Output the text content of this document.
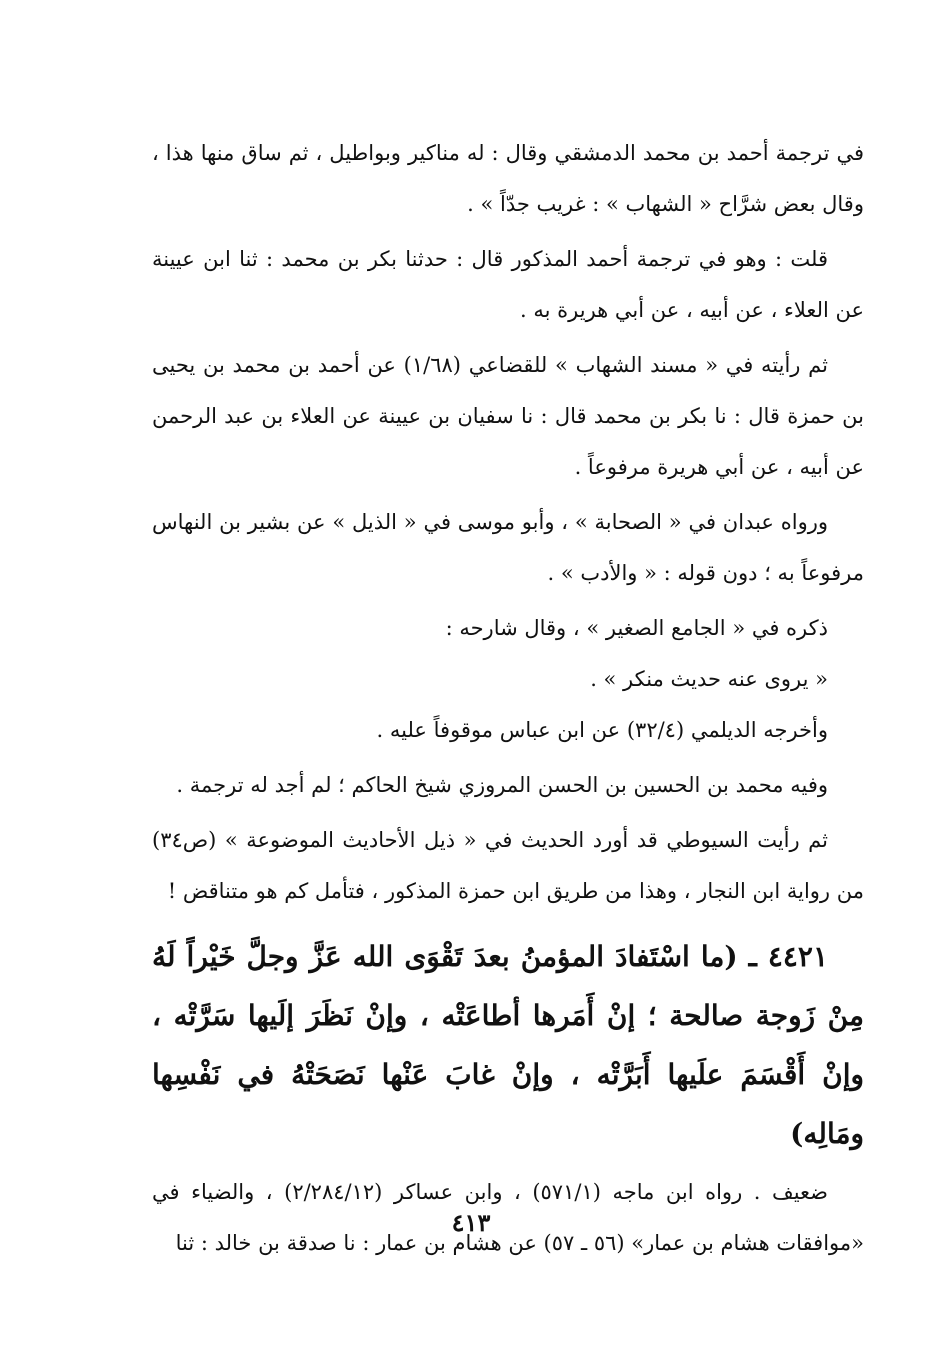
في ترجمة أحمد بن محمد الدمشقي وقال : له مناكير وبواطيل ، ثم ساق منها هذا ، وقال بعض شرَّاح « الشهاب » : غريب جدّاً » .

قلت : وهو في ترجمة أحمد المذكور قال : حدثنا بكر بن محمد : ثنا ابن عيينة عن العلاء ، عن أبيه ، عن أبي هريرة به .

ثم رأيته في « مسند الشهاب » للقضاعي (١/٦٨) عن أحمد بن محمد بن يحيى بن حمزة قال : نا بكر بن محمد قال : نا سفيان بن عيينة عن العلاء بن عبد الرحمن عن أبيه ، عن أبي هريرة مرفوعاً .

ورواه عبدان في « الصحابة » ، وأبو موسى في « الذيل » عن بشير بن النهاس مرفوعاً به ؛ دون قوله : « والأدب » .

ذكره في « الجامع الصغير » ، وقال شارحه :

« يروى عنه حديث منكر » .

وأخرجه الديلمي (٣٢/٤) عن ابن عباس موقوفاً عليه .

وفيه محمد بن الحسين بن الحسن المروزي شيخ الحاكم ؛ لم أجد له ترجمة .

ثم رأيت السيوطي قد أورد الحديث في « ذيل الأحاديث الموضوعة » (ص٣٤) من رواية ابن النجار ، وهذا من طريق ابن حمزة المذكور ، فتأمل كم هو متناقض !

٤٤٢١ ـ (ما اسْتَفادَ المؤمنُ بعدَ تَقْوَى الله عَزَّ وجلَّ خَيْراً لَهُ مِنْ زَوجة صالحة ؛ إنْ أَمَرها أطاعَتْه ، وإنْ نَظَرَ إلَيها سَرَّتْه ، وإنْ أَقْسَمَ علَيها أَبَرَّتْه ، وإنْ غابَ عَنْها نَصَحَتْهُ في نَفْسِها ومَالِه)

ضعيف . رواه ابن ماجه (٥٧١/١) ، وابن عساكر (٢/٢٨٤/١٢) ، والضياء في «موافقات هشام بن عمار» (٥٦ ـ ٥٧) عن هشام بن عمار : نا صدقة بن خالد : ثنا

٤١٣
